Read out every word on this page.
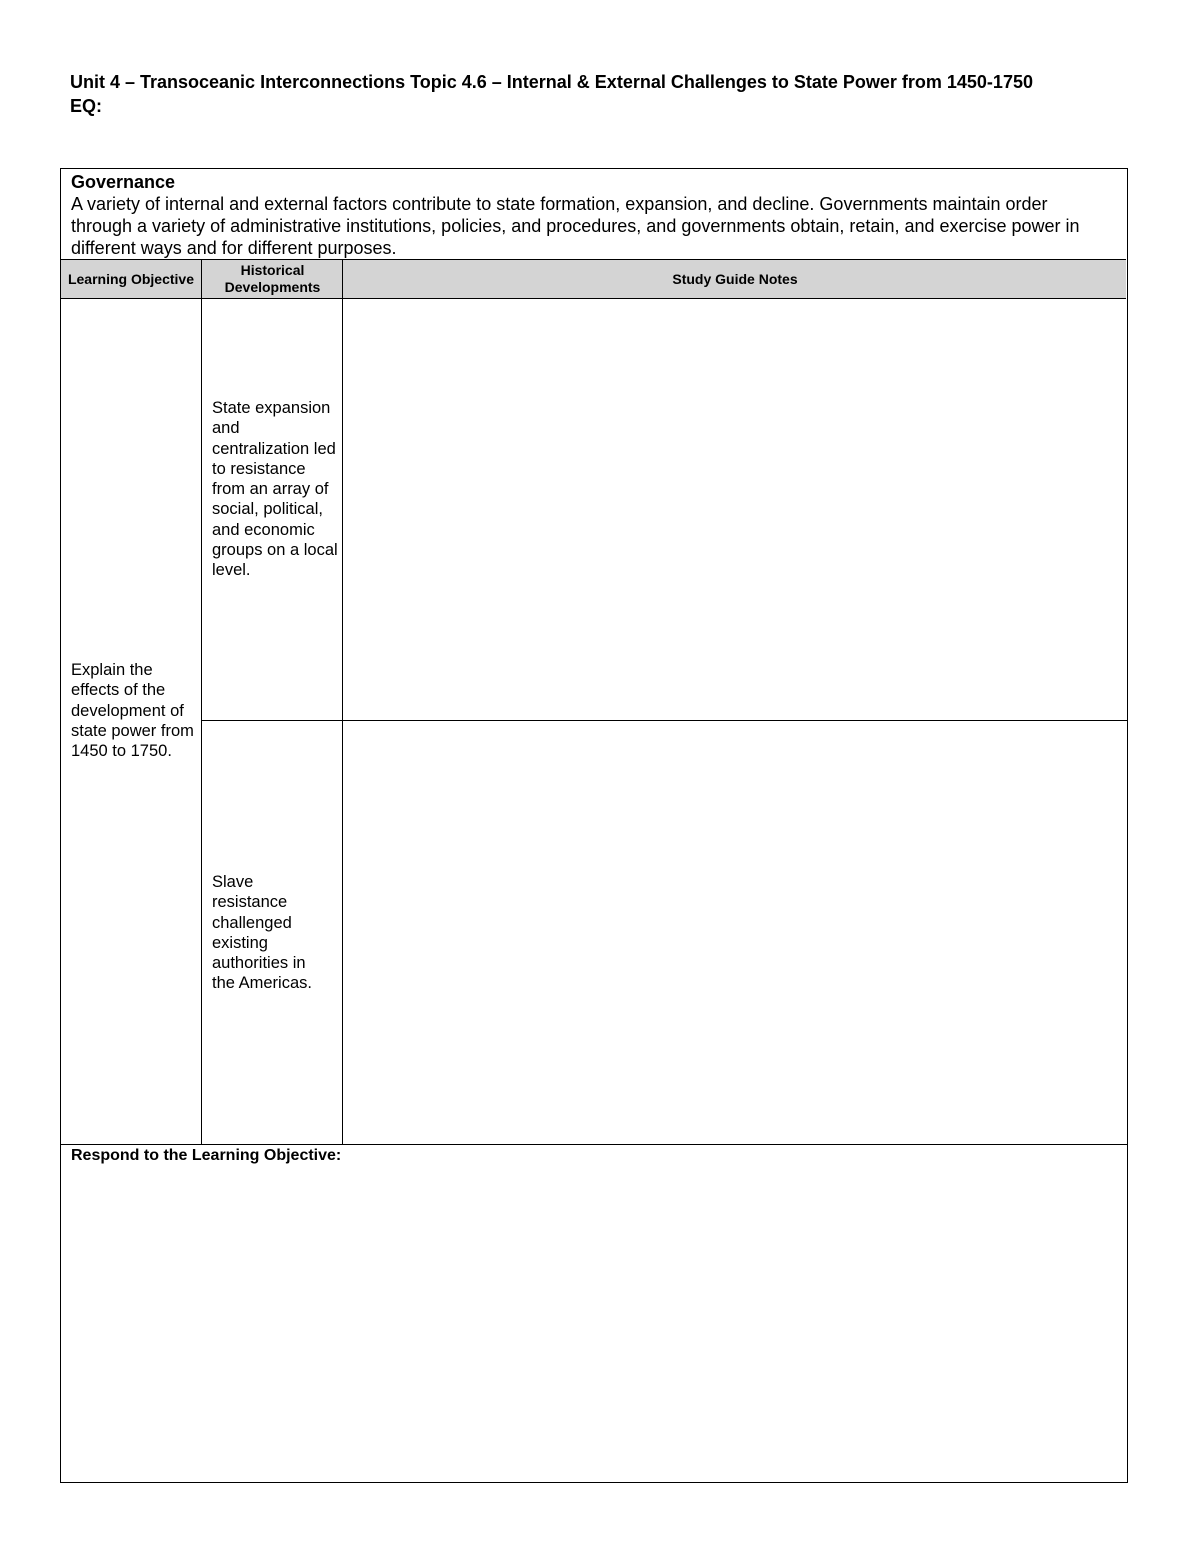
Unit 4 – Transoceanic Interconnections Topic 4.6 – Internal & External Challenges to State Power from 1450-1750
EQ:
Governance
A variety of internal and external factors contribute to state formation, expansion, and decline. Governments maintain order through a variety of administrative institutions, policies, and procedures, and governments obtain, retain, and exercise power in different ways and for different purposes.
Learning Objective
Historical Developments
Study Guide Notes
Explain the effects of the development of state power from 1450 to 1750.
State expansion and centralization led to resistance from an array of social, political, and economic groups on a local level.
Slave resistance challenged existing authorities in the Americas.
Respond to the Learning Objective:
